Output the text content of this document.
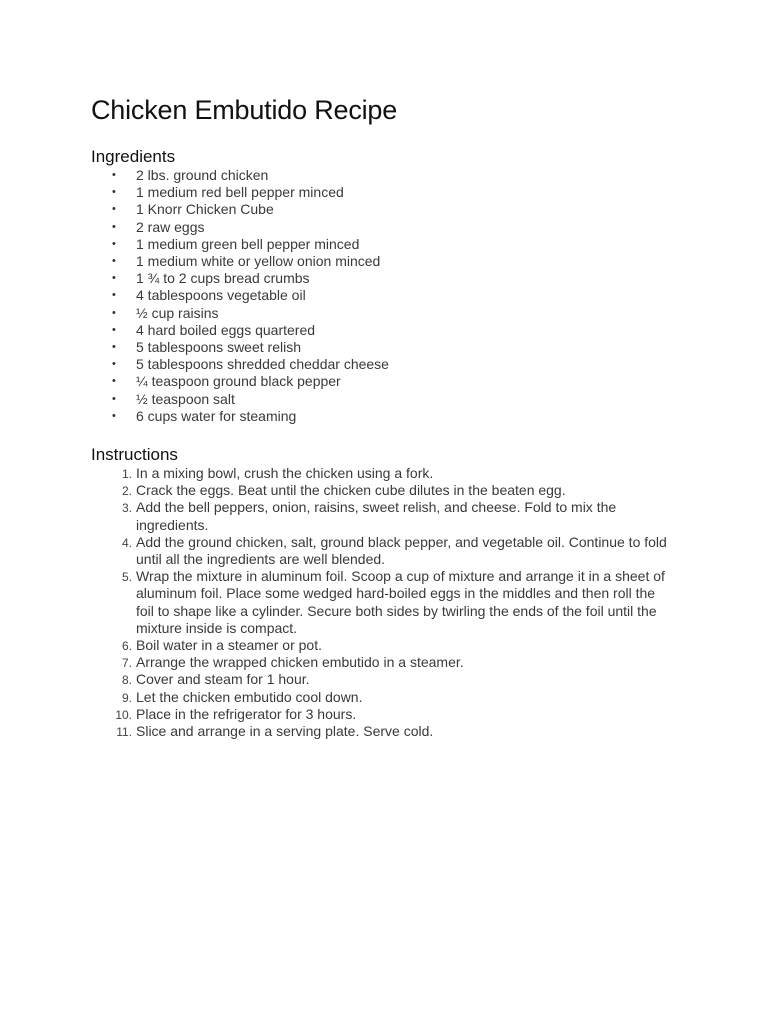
Chicken Embutido Recipe
Ingredients
• 2 lbs. ground chicken
• 1 medium red bell pepper minced
• 1 Knorr Chicken Cube
• 2 raw eggs
• 1 medium green bell pepper minced
• 1 medium white or yellow onion minced
• 1 ¾ to 2 cups bread crumbs
• 4 tablespoons vegetable oil
• ½ cup raisins
• 4 hard boiled eggs quartered
• 5 tablespoons sweet relish
• 5 tablespoons shredded cheddar cheese
• ¼ teaspoon ground black pepper
• ½ teaspoon salt
• 6 cups water for steaming
Instructions
1. In a mixing bowl, crush the chicken using a fork.
2. Crack the eggs. Beat until the chicken cube dilutes in the beaten egg.
3. Add the bell peppers, onion, raisins, sweet relish, and cheese. Fold to mix the ingredients.
4. Add the ground chicken, salt, ground black pepper, and vegetable oil. Continue to fold until all the ingredients are well blended.
5. Wrap the mixture in aluminum foil. Scoop a cup of mixture and arrange it in a sheet of aluminum foil. Place some wedged hard-boiled eggs in the middles and then roll the foil to shape like a cylinder. Secure both sides by twirling the ends of the foil until the mixture inside is compact.
6. Boil water in a steamer or pot.
7. Arrange the wrapped chicken embutido in a steamer.
8. Cover and steam for 1 hour.
9. Let the chicken embutido cool down.
10. Place in the refrigerator for 3 hours.
11. Slice and arrange in a serving plate. Serve cold.
